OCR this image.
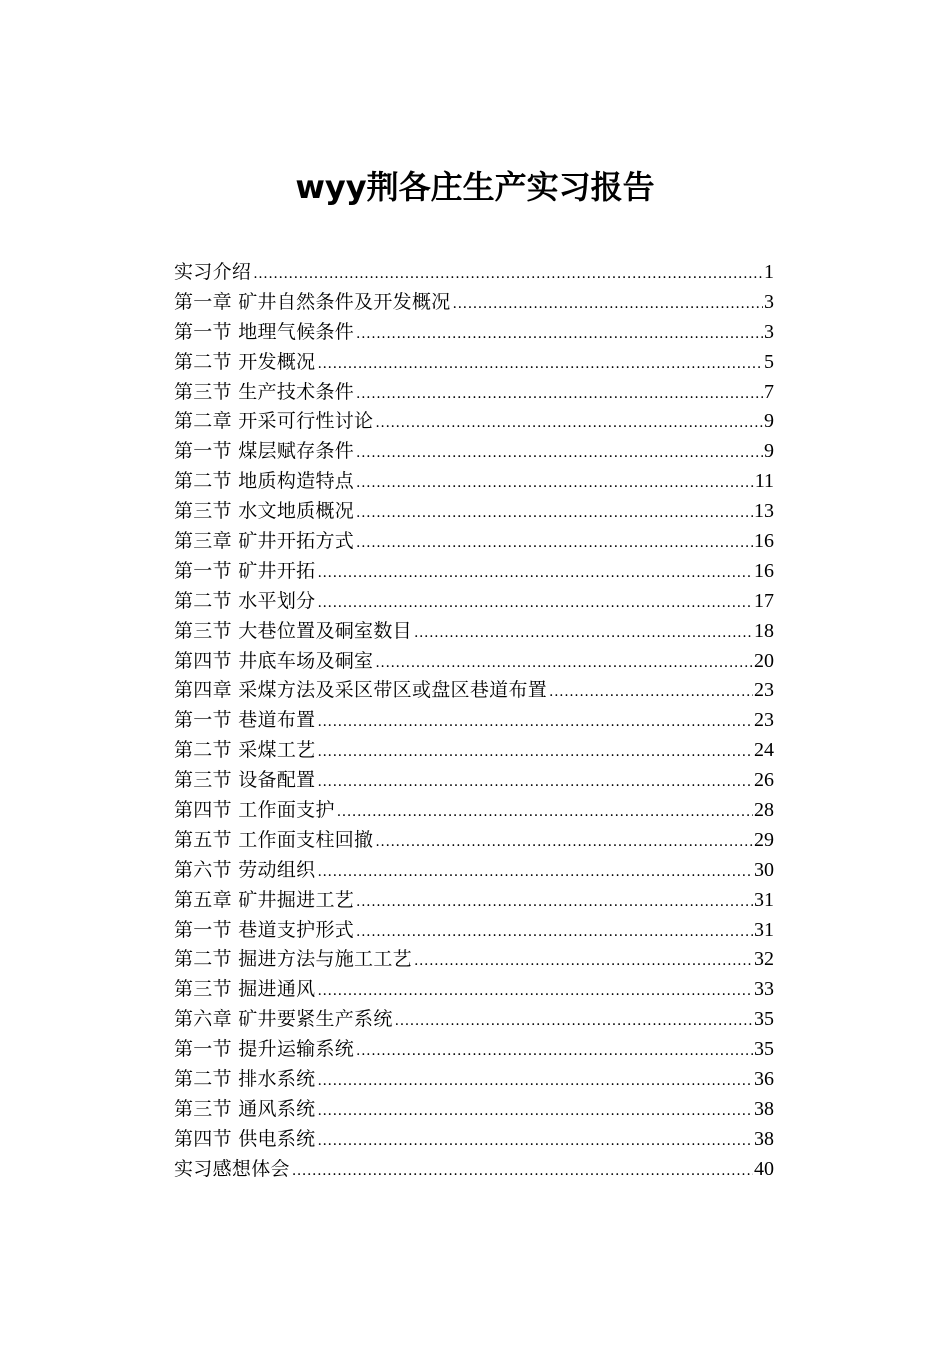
wyy荆各庄生产实习报告
实习介绍 .....	1
第一章 矿井自然条件及开发概况 .....	3
第一节 地理气候条件 .....	3
第二节 开发概况 .....	5
第三节 生产技术条件 .....	7
第二章 开采可行性讨论 .....	9
第一节 煤层赋存条件 .....	9
第二节 地质构造特点 .....	11
第三节 水文地质概况 .....	13
第三章 矿井开拓方式 .....	16
第一节 矿井开拓 .....	16
第二节 水平划分 .....	17
第三节 大巷位置及硐室数目 .....	18
第四节 井底车场及硐室 .....	20
第四章 采煤方法及采区带区或盘区巷道布置 .....	23
第一节 巷道布置 .....	23
第二节 采煤工艺 .....	24
第三节 设备配置 .....	26
第四节 工作面支护 .....	28
第五节 工作面支柱回撤 .....	29
第六节 劳动组织 .....	30
第五章 矿井掘进工艺 .....	31
第一节 巷道支护形式 .....	31
第二节 掘进方法与施工工艺 .....	32
第三节 掘进通风 .....	33
第六章 矿井要紧生产系统 .....	35
第一节 提升运输系统 .....	35
第二节 排水系统 .....	36
第三节 通风系统 .....	38
第四节 供电系统 .....	38
实习感想体会 .....	40
